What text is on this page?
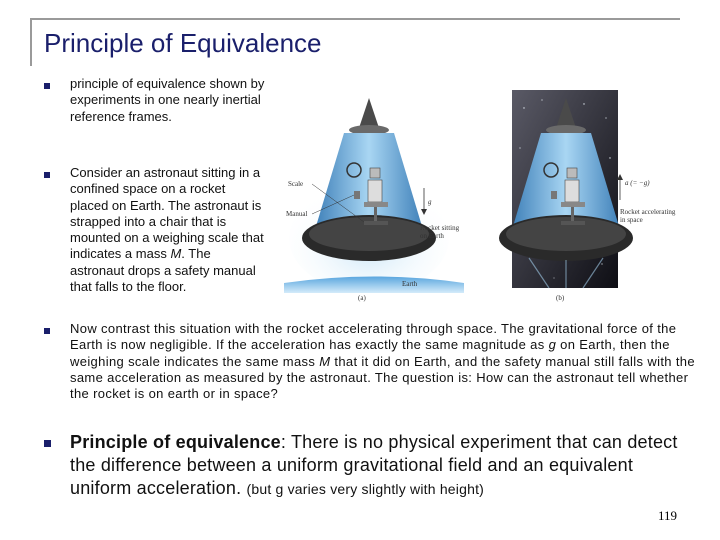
Principle of Equivalence
principle of equivalence shown by experiments in one nearly inertial reference frames.
Consider an astronaut sitting in a confined space on a rocket placed on Earth. The astronaut is strapped into a chair that is mounted on a weighing scale that indicates a mass M. The astronaut drops a safety manual that falls to the floor.
Now contrast this situation with the rocket accelerating through space. The gravitational force of the Earth is now negligible. If the acceleration has exactly the same magnitude as g on Earth, then the weighing scale indicates the same mass M that it did on Earth, and the safety manual still falls with the same acceleration as measured by the astronaut. The question is: How can the astronaut tell whether the rocket is on earth or in space?
Principle of equivalence: There is no physical experiment that can detect the difference between a uniform gravitational field and an equivalent uniform acceleration. (but g varies very slightly with height)
119
Scale
Manual
g
Rocket sitting
on Earth
Earth
(a)
a (= −g)
Rocket accelerating
in space
(b)
